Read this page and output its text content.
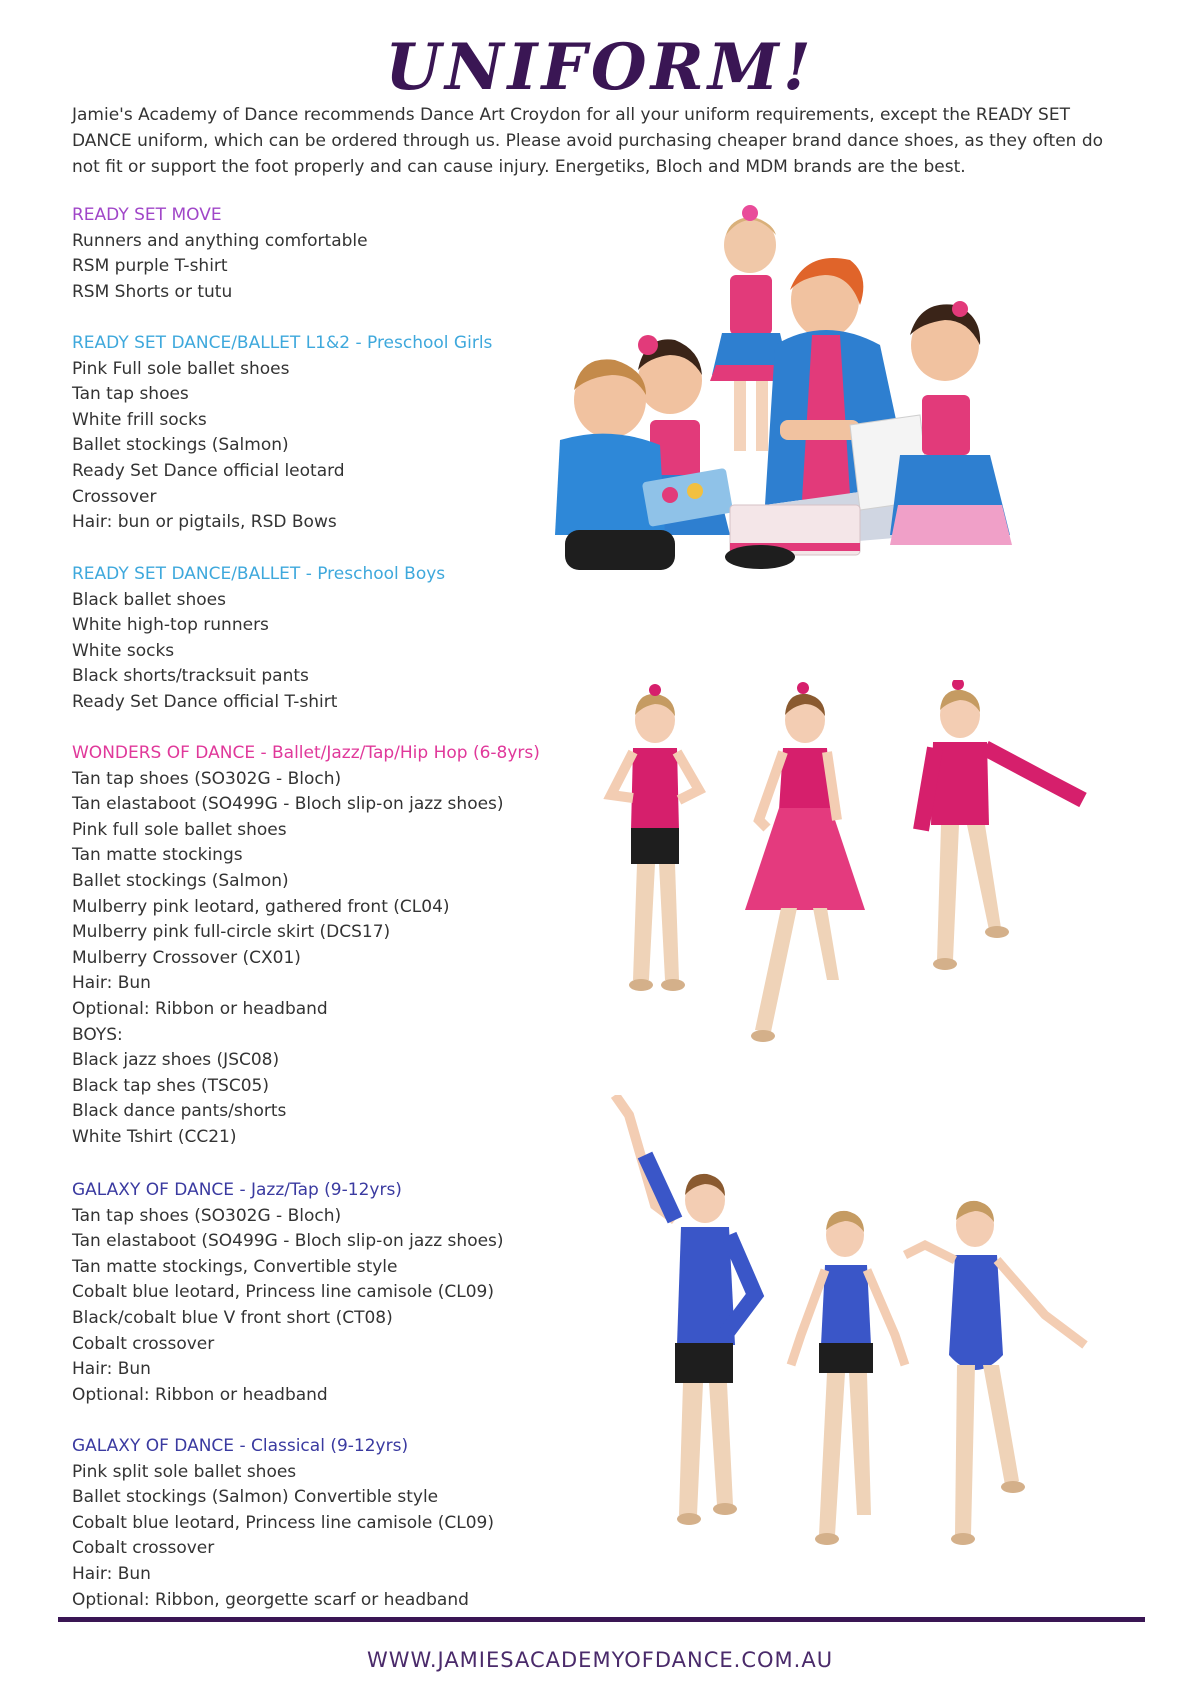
UNIFORM!

Jamie's Academy of Dance recommends Dance Art Croydon for all your uniform requirements, except the READY SET DANCE uniform, which can be ordered through us. Please avoid purchasing cheaper brand dance shoes, as they often do not fit or support the foot properly and can cause injury. Energetiks, Bloch and MDM brands are the best.

READY SET MOVE
Runners and anything comfortable
RSM purple T-shirt
RSM Shorts or tutu
READY SET DANCE/BALLET L1&2 - Preschool Girls
Pink Full sole ballet shoes
Tan tap shoes
White frill socks
Ballet stockings (Salmon)
Ready Set Dance official leotard
Crossover
Hair: bun or pigtails, RSD Bows
READY SET DANCE/BALLET - Preschool Boys
Black ballet shoes
White high-top runners
White socks
Black shorts/tracksuit pants
Ready Set Dance official T-shirt
WONDERS OF DANCE - Ballet/Jazz/Tap/Hip Hop (6-8yrs)
Tan tap shoes (SO302G - Bloch)
Tan elastaboot (SO499G - Bloch slip-on jazz shoes)
Pink full sole ballet shoes
Tan matte stockings
Ballet stockings (Salmon)
Mulberry pink leotard, gathered front (CL04)
Mulberry pink full-circle skirt (DCS17)
Mulberry Crossover (CX01)
Hair: Bun
Optional: Ribbon or headband
BOYS:
Black jazz shoes (JSC08)
Black tap shes (TSC05)
Black dance pants/shorts
White Tshirt (CC21)
GALAXY OF DANCE - Jazz/Tap (9-12yrs)
Tan tap shoes (SO302G - Bloch)
Tan elastaboot (SO499G - Bloch slip-on jazz shoes)
Tan matte stockings, Convertible style
Cobalt blue leotard, Princess line camisole (CL09)
Black/cobalt blue V front short (CT08)
Cobalt crossover
Hair: Bun
Optional: Ribbon or headband
GALAXY OF DANCE - Classical (9-12yrs)
Pink split sole ballet shoes
Ballet stockings (Salmon) Convertible style
Cobalt blue leotard, Princess line camisole (CL09)
Cobalt crossover
Hair: Bun
Optional: Ribbon, georgette scarf or headband

WWW.JAMIESACADEMYOFDANCE.COM.AU
